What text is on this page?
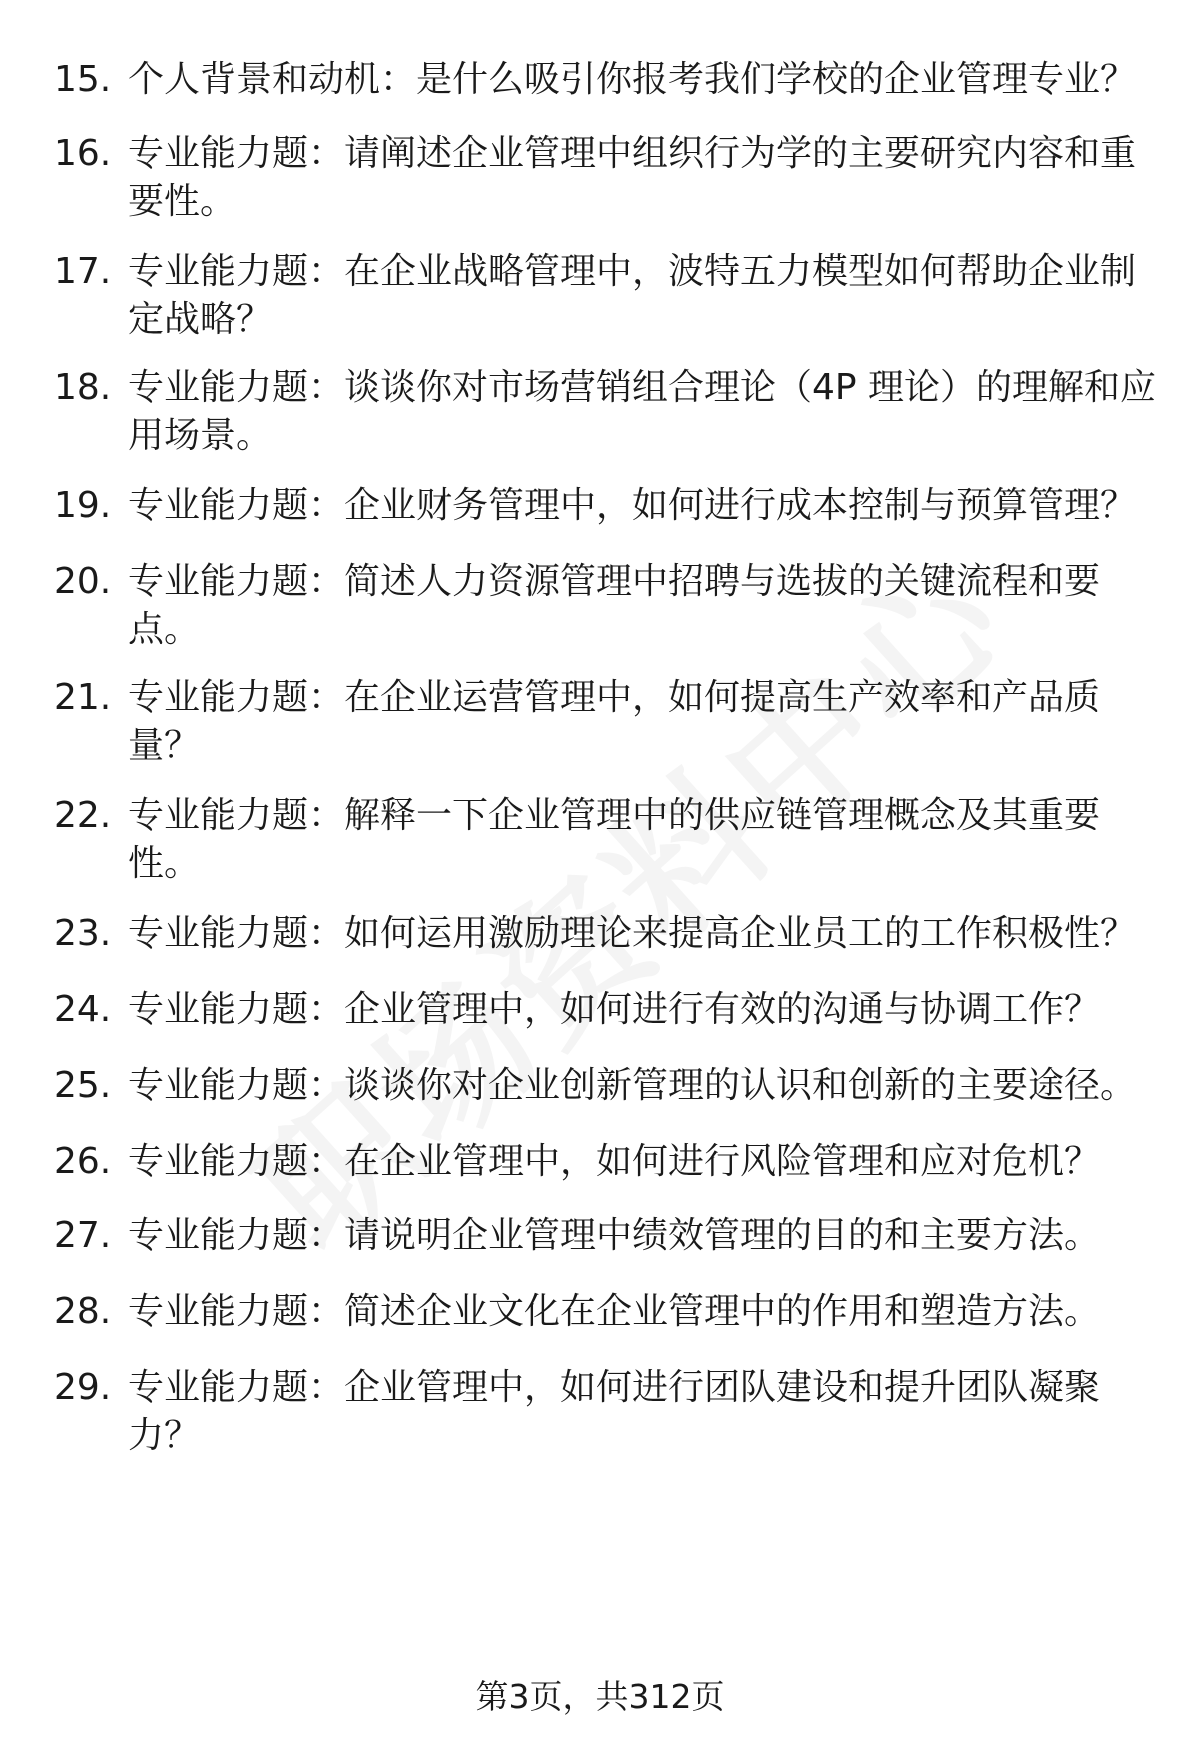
15. 个人背景和动机：是什么吸引你报考我们学校的企业管理专业？
16. 专业能力题：请阐述企业管理中组织行为学的主要研究内容和重要性。
17. 专业能力题：在企业战略管理中，波特五力模型如何帮助企业制定战略？
18. 专业能力题：谈谈你对市场营销组合理论（4P 理论）的理解和应用场景。
19. 专业能力题：企业财务管理中，如何进行成本控制与预算管理？
20. 专业能力题：简述人力资源管理中招聘与选拔的关键流程和要点。
21. 专业能力题：在企业运营管理中，如何提高生产效率和产品质量？
22. 专业能力题：解释一下企业管理中的供应链管理概念及其重要性。
23. 专业能力题：如何运用激励理论来提高企业员工的工作积极性？
24. 专业能力题：企业管理中，如何进行有效的沟通与协调工作？
25. 专业能力题：谈谈你对企业创新管理的认识和创新的主要途径。
26. 专业能力题：在企业管理中，如何进行风险管理和应对危机？
27. 专业能力题：请说明企业管理中绩效管理的目的和主要方法。
28. 专业能力题：简述企业文化在企业管理中的作用和塑造方法。
29. 专业能力题：企业管理中，如何进行团队建设和提升团队凝聚力？
第3页，共312页
